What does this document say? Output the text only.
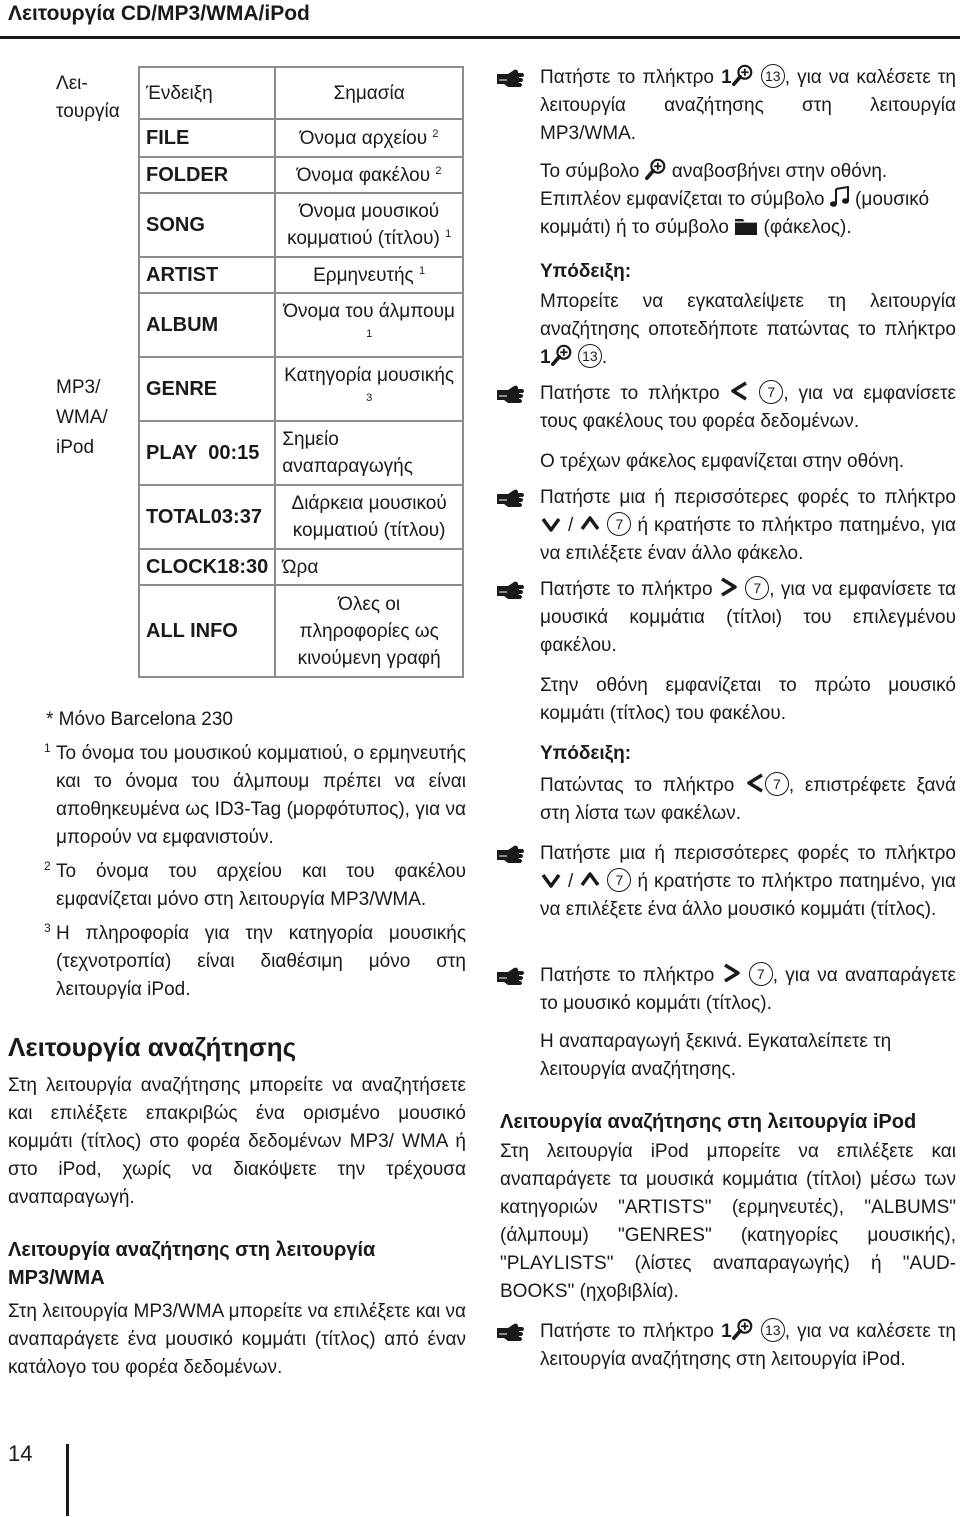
Λειτουργία CD/MP3/WMA/iPod
Λει-
τουργία
MP3/
WMA/
iPod
Ένδειξη	Σημασία
FILE	Όνομα αρχείου $^2$
FOLDER	Όνομα φακέλου $^2$
SONG	Όνομα μουσικού κομματιού (τίτλου) $^1$
ARTIST	Ερμηνευτής $^1$
ALBUM	Όνομα του άλμπουμ $^1$
GENRE	Κατηγορία μουσικής $^3$
PLAY  00:15	Σημείο αναπαραγωγής
TOTAL03:37	Διάρκεια μουσικού κομματιού (τίτλου)
CLOCK18:30	Ώρα
ALL INFO	Όλες οι πληροφορίες ως κινούμενη γραφή
* Μόνο Barcelona 230
1 Το όνομα του μουσικού κομματιού, ο ερμηνευτής και το όνομα του άλμπουμ πρέπει να είναι αποθηκευμένα ως ID3-Tag (μορφότυπος), για να μπορούν να εμφανιστούν.
2 Το όνομα του αρχείου και του φακέλου εμφανίζεται μόνο στη λειτουργία MP3/WMA.
3 Η πληροφορία για την κατηγορία μουσικής (τεχνοτροπία) είναι διαθέσιμη μόνο στη λειτουργία iPod.
Λειτουργία αναζήτησης
Στη λειτουργία αναζήτησης μπορείτε να αναζητήσετε και επιλέξετε επακριβώς ένα ορισμένο μουσικό κομμάτι (τίτλος) στο φορέα δεδομένων MP3/ WMA ή στο iPod, χωρίς να διακόψετε την τρέχουσα αναπαραγωγή.
Λειτουργία αναζήτησης στη λειτουργία MP3/WMA
Στη λειτουργία MP3/WMA μπορείτε να επιλέξετε και να αναπαράγετε ένα μουσικό κομμάτι (τίτλος) από έναν κατάλογο του φορέα δεδομένων.
Πατήστε το πλήκτρο 1 13 , για να καλέσετε τη λειτουργία αναζήτησης στη λειτουργία MP3/WMA.
Το σύμβολο  αναβοσβήνει στην οθόνη. Επιπλέον εμφανίζεται το σύμβολο  (μουσικό κομμάτι) ή το σύμβολο  (φάκελος).
Υπόδειξη:
Μπορείτε να εγκαταλείψετε τη λειτουργία αναζήτησης οποτεδήποτε πατώντας το πλήκτρο 1 13 .
Πατήστε το πλήκτρο	7 , για να εμφανίσετε τους φακέλους του φορέα δεδομένων.
Ο τρέχων φάκελος εμφανίζεται στην οθόνη.
Πατήστε μια ή περισσότερες φορές το πλήκτρο  /	7 ή κρατήστε το πλήκτρο πατημένο, για να επιλέξετε έναν άλλο φάκελο.
Πατήστε το πλήκτρο  7 , για να εμφανίσετε τα μουσικά κομμάτια (τίτλοι) του επιλεγμένου φακέλου.
Στην οθόνη εμφανίζεται το πρώτο μουσικό κομμάτι (τίτλος) του φακέλου.
Υπόδειξη:
Πατώντας το πλήκτρο 7 , επιστρέφετε ξανά στη λίστα των φακέλων.
Πατήστε μια ή περισσότερες φορές το πλήκτρο  /	7 ή κρατήστε το πλήκτρο πατημένο, για να επιλέξετε ένα άλλο μουσικό κομμάτι (τίτλος).
Πατήστε το πλήκτρο	7 , για να αναπαράγετε το μουσικό κομμάτι (τίτλος).
Η αναπαραγωγή ξεκινά. Εγκαταλείπετε τη λειτουργία αναζήτησης.
Λειτουργία αναζήτησης στη λειτουργία iPod
Στη λειτουργία iPod μπορείτε να επιλέξετε και αναπαράγετε τα μουσικά κομμάτια (τίτλοι) μέσω των κατηγοριών "ARTISTS" (ερμηνευτές), "ALBUMS" (άλμπουμ) "GENRES" (κατηγορίες μουσικής), "PLAYLISTS" (λίστες αναπαραγωγής) ή "AUD-BOOKS" (ηχοβιβλία).
Πατήστε το πλήκτρο 1 13 , για να καλέσετε τη λειτουργία αναζήτησης στη λειτουργία iPod.
14
